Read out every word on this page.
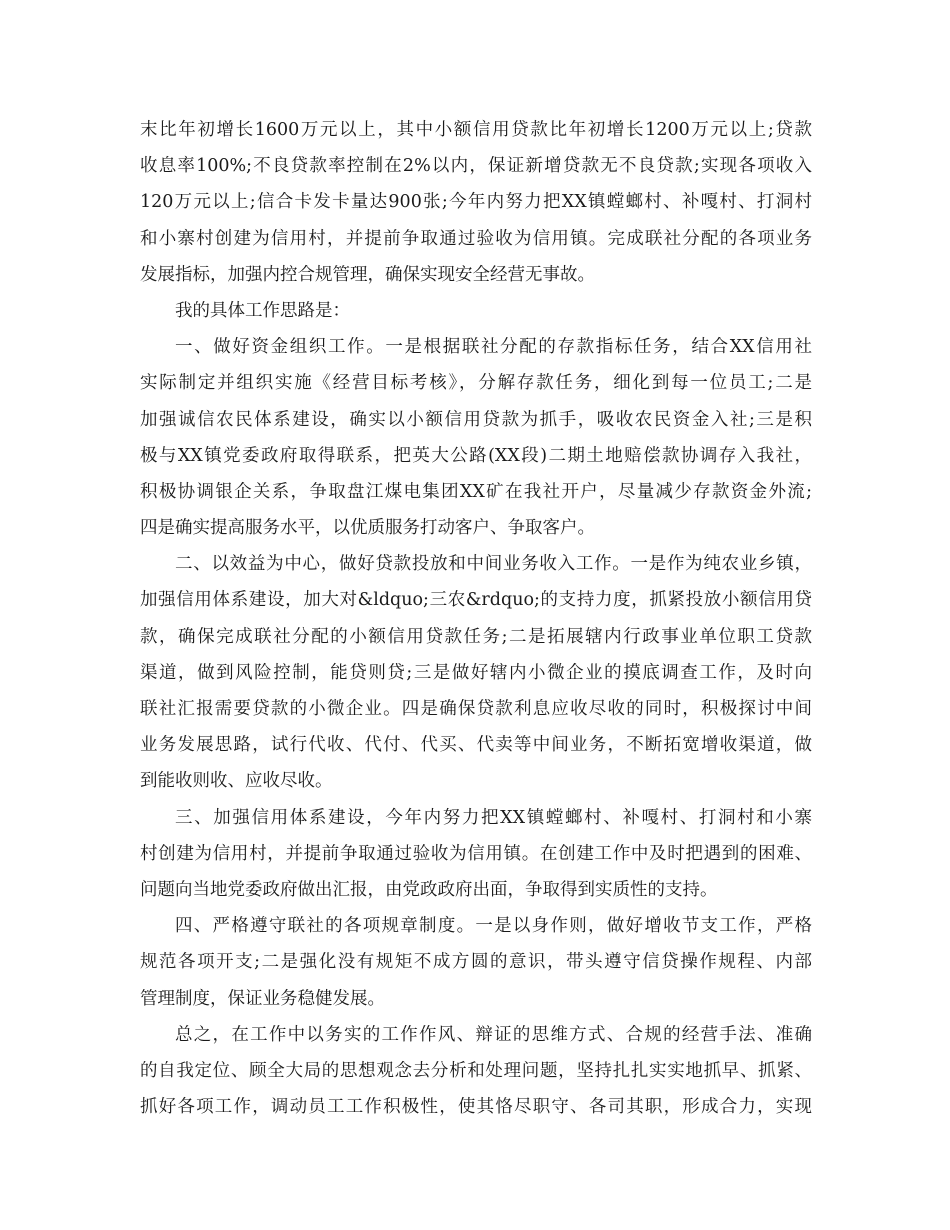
末比年初增长1600万元以上，其中小额信用贷款比年初增长1200万元以上;贷款
收息率100%;不良贷款率控制在2%以内，保证新增贷款无不良贷款;实现各项收入
120万元以上;信合卡发卡量达900张;今年内努力把XX镇螳螂村、补嘎村、打洞村
和小寨村创建为信用村，并提前争取通过验收为信用镇。完成联社分配的各项业务
发展指标，加强内控合规管理，确保实现安全经营无事故。
我的具体工作思路是：
一、做好资金组织工作。一是根据联社分配的存款指标任务，结合XX信用社
实际制定并组织实施《经营目标考核》，分解存款任务，细化到每一位员工;二是
加强诚信农民体系建设，确实以小额信用贷款为抓手，吸收农民资金入社;三是积
极与XX镇党委政府取得联系，把英大公路(XX段)二期土地赔偿款协调存入我社，
积极协调银企关系，争取盘江煤电集团XX矿在我社开户，尽量减少存款资金外流;
四是确实提高服务水平，以优质服务打动客户、争取客户。
二、以效益为中心，做好贷款投放和中间业务收入工作。一是作为纯农业乡镇，
加强信用体系建设，加大对&ldquo;三农&rdquo;的支持力度，抓紧投放小额信用贷
款，确保完成联社分配的小额信用贷款任务;二是拓展辖内行政事业单位职工贷款
渠道，做到风险控制，能贷则贷;三是做好辖内小微企业的摸底调查工作，及时向
联社汇报需要贷款的小微企业。四是确保贷款利息应收尽收的同时，积极探讨中间
业务发展思路，试行代收、代付、代买、代卖等中间业务，不断拓宽增收渠道，做
到能收则收、应收尽收。
三、加强信用体系建设，今年内努力把XX镇螳螂村、补嘎村、打洞村和小寨
村创建为信用村，并提前争取通过验收为信用镇。在创建工作中及时把遇到的困难、
问题向当地党委政府做出汇报，由党政政府出面，争取得到实质性的支持。
四、严格遵守联社的各项规章制度。一是以身作则，做好增收节支工作，严格
规范各项开支;二是强化没有规矩不成方圆的意识，带头遵守信贷操作规程、内部
管理制度，保证业务稳健发展。
总之，在工作中以务实的工作作风、辩证的思维方式、合规的经营手法、准确
的自我定位、顾全大局的思想观念去分析和处理问题，坚持扎扎实实地抓早、抓紧、
抓好各项工作，调动员工工作积极性，使其恪尽职守、各司其职，形成合力，实现
